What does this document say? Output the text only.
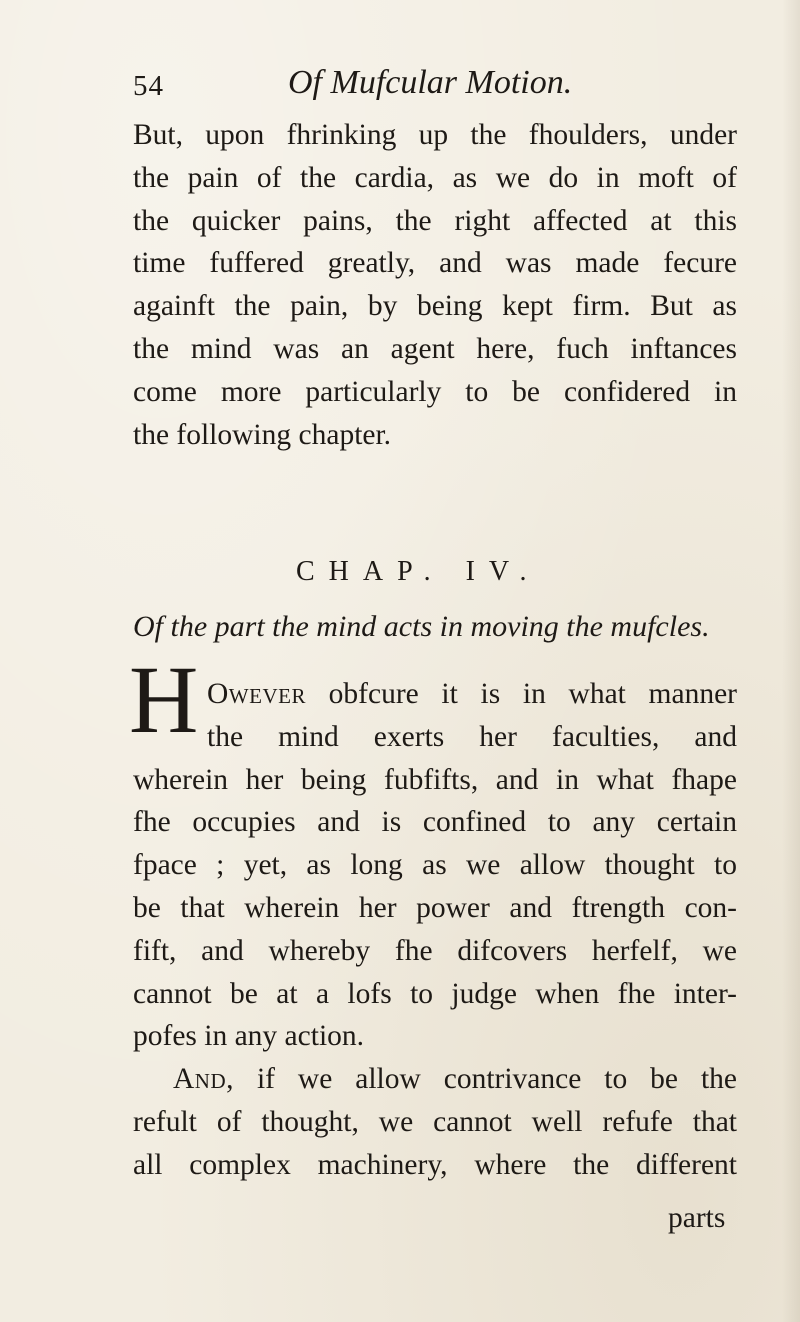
54	Of Mufcular Motion.
But, upon fhrinking up the fhoulders, under
the pain of the cardia, as we do in moft of
the quicker pains, the right affected at this
time fuffered greatly, and was made fecure
againft the pain, by being kept firm. But as
the mind was an agent here, fuch inftances
come more particularly to be confidered in
the following chapter.
CHAP. IV.
Of the part the mind acts in moving the mufcles.
H Owever obfcure it is in what manner
the mind exerts her faculties, and
wherein her being fubfifts, and in what fhape
fhe occupies and is confined to any certain
fpace ; yet, as long as we allow thought to
be that wherein her power and ftrength con-
fift, and whereby fhe difcovers herfelf, we
cannot be at a lofs to judge when fhe inter-
pofes in any action.
And, if we allow contrivance to be the
refult of thought, we cannot well refufe that
all complex machinery, where the different
parts
